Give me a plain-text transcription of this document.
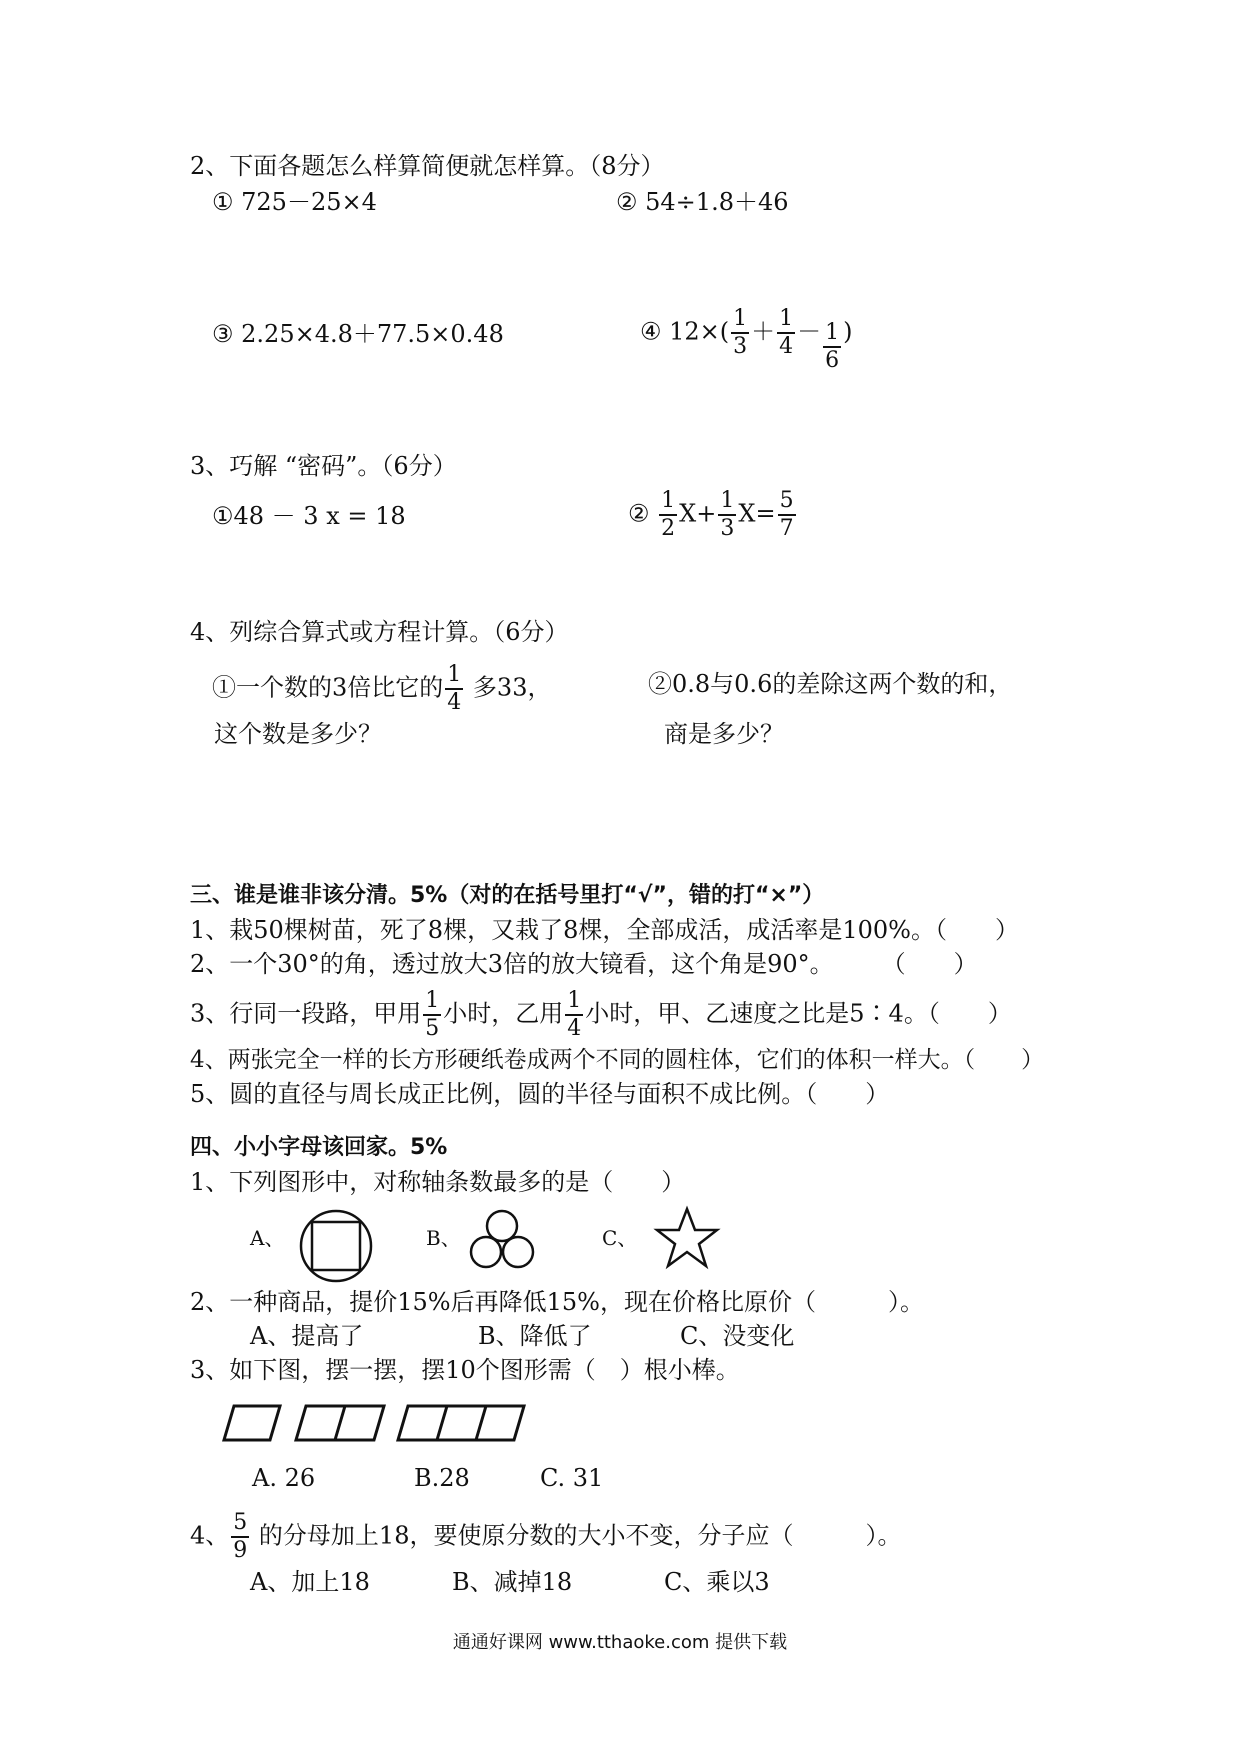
2、下面各题怎么样算简便就怎样算。（8分）
① 725－25×4	② 54÷1.8＋46
③ 2.25×4.8＋77.5×0.48	④ $12\times( \frac{1}{3} + \frac{1}{4} - \frac{1}{6}$ )
3、巧解 “密码”。（6分）
①48 － 3 x = 18	② $\frac{1}{2} X+ \frac{1}{3} X= \frac{5}{7}$
4、列综合算式或方程计算。（6分）
①一个数的3倍比它的 $\frac{1}{4}$ 多33，
这个数是多少？
②0.8与0.6的差除这两个数的和，
商是多少？
三、谁是谁非该分清。5%（对的在括号里打“√”，错的打“×”）
1、栽50棵树苗，死了8棵，又栽了8棵，全部成活，成活率是100%。（　　）
2、一个30°的角，透过放大3倍的放大镜看，这个角是90°。　　　（　　）
3、行同一段路，甲用 $\frac{1}{5}$ 小时，乙用 $\frac{1}{4}$ 小时，甲、乙速度之比是5∶4。（　　）
4、两张完全一样的长方形硬纸卷成两个不同的圆柱体，它们的体积一样大。（　　）
5、圆的直径与周长成正比例，圆的半径与面积不成比例。（　　）
四、小小字母该回家。5%
1、下列图形中，对称轴条数最多的是（　　）
A、	B、	C、
2、一种商品，提价15%后再降低15%，现在价格比原价（　　　）。
A、提高了	B、降低了	C、没变化
3、如下图，摆一摆，摆10个图形需（　）根小棒。
A. 26	B.28	C. 31
4、 $\frac{5}{9}$ 的分母加上18，要使原分数的大小不变，分子应（　　　）。
A、加上18	B、减掉18	C、乘以3
通通好课网 www.tthaoke.com 提供下载
